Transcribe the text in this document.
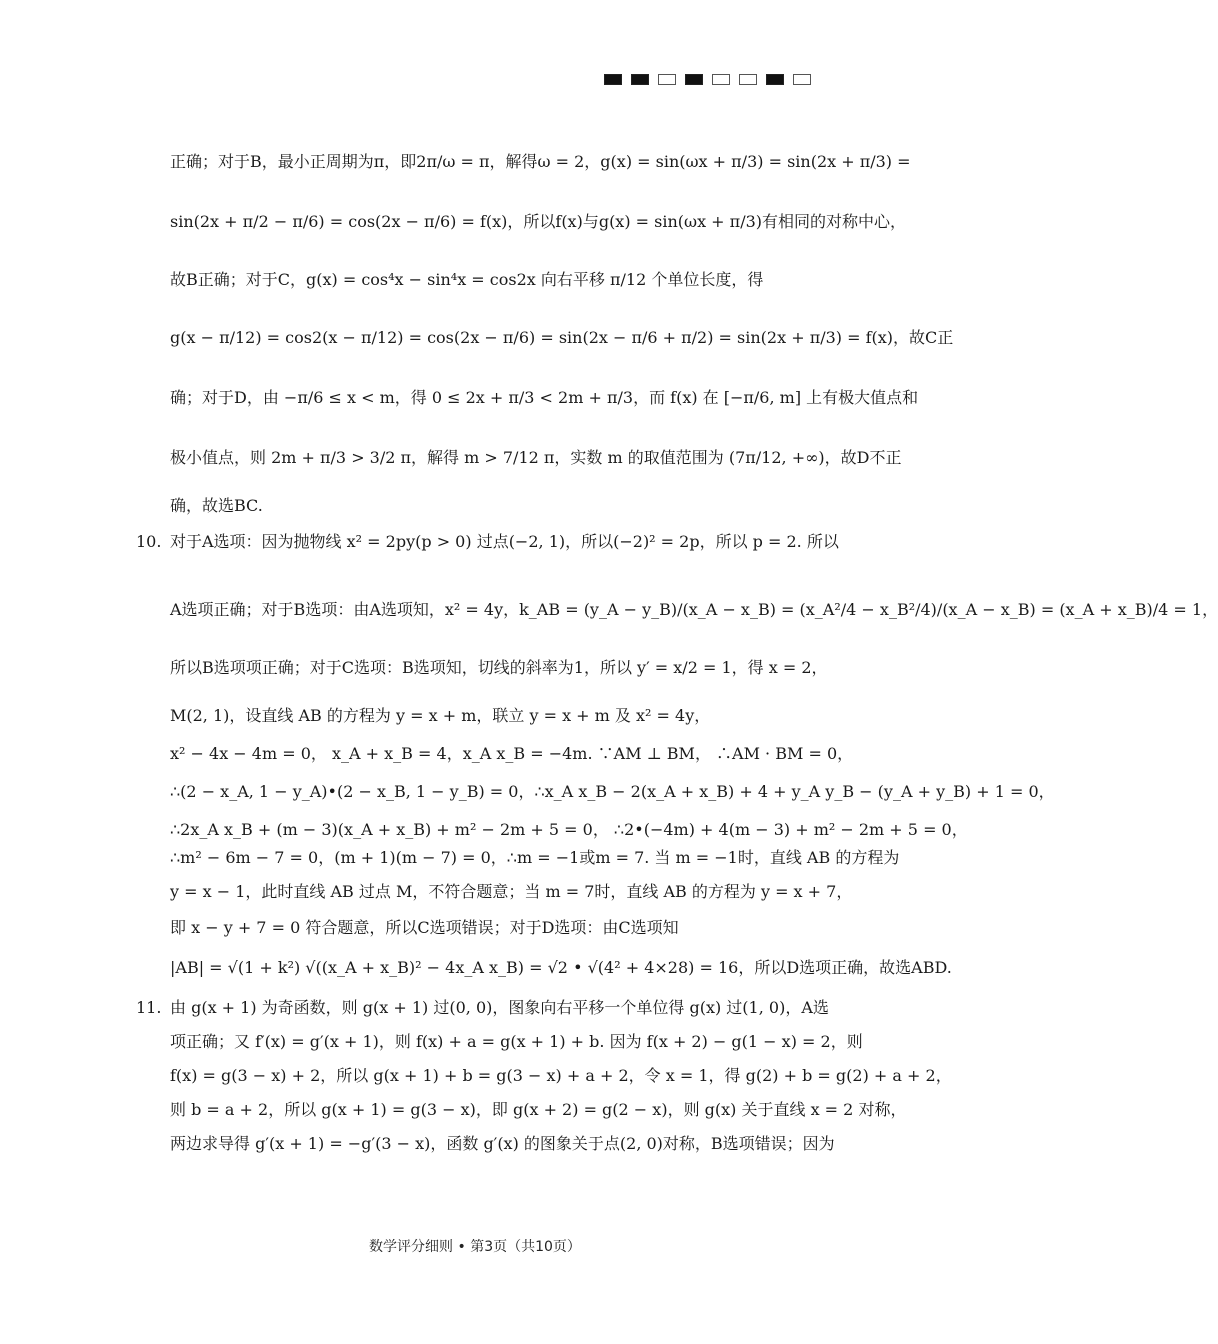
正确；对于B，最小正周期为π，即2π/ω = π，解得ω = 2，g(x) = sin(ωx + π/3) = sin(2x + π/3) =
sin(2x + π/2 − π/6) = cos(2x − π/6) = f(x)，所以f(x)与g(x) = sin(ωx + π/3)有相同的对称中心，
故B正确；对于C，g(x) = cos⁴x − sin⁴x = cos2x 向右平移 π/12 个单位长度，得
g(x − π/12) = cos2(x − π/12) = cos(2x − π/6) = sin(2x − π/6 + π/2) = sin(2x + π/3) = f(x)，故C正
确；对于D，由 −π/6 ≤ x < m，得 0 ≤ 2x + π/3 < 2m + π/3，而 f(x) 在 [−π/6, m] 上有极大值点和
极小值点，则 2m + π/3 > 3/2 π，解得 m > 7/12 π，实数 m 的取值范围为 (7π/12, +∞)，故D不正
确，故选BC.
10. 对于A选项：因为抛物线 x² = 2py(p > 0) 过点(−2, 1)，所以(−2)² = 2p，所以 p = 2. 所以
A选项正确；对于B选项：由A选项知，x² = 4y，k_AB = (y_A − y_B)/(x_A − x_B) = (x_A²/4 − x_B²/4)/(x_A − x_B) = (x_A + x_B)/4 = 1，
所以B选项项正确；对于C选项：B选项知，切线的斜率为1，所以 y′ = x/2 = 1，得 x = 2，
M(2, 1)，设直线 AB 的方程为 y = x + m，联立 y = x + m 及 x² = 4y，
x² − 4x − 4m = 0， x_A + x_B = 4，x_A x_B = −4m. ∵AM ⊥ BM， ∴AM · BM = 0，
∴(2 − x_A, 1 − y_A)•(2 − x_B, 1 − y_B) = 0，∴x_A x_B − 2(x_A + x_B) + 4 + y_A y_B − (y_A + y_B) + 1 = 0，
∴2x_A x_B + (m − 3)(x_A + x_B) + m² − 2m + 5 = 0， ∴2•(−4m) + 4(m − 3) + m² − 2m + 5 = 0，
∴m² − 6m − 7 = 0，(m + 1)(m − 7) = 0，∴m = −1或m = 7. 当 m = −1时，直线 AB 的方程为
y = x − 1，此时直线 AB 过点 M，不符合题意；当 m = 7时，直线 AB 的方程为 y = x + 7，
即 x − y + 7 = 0 符合题意，所以C选项错误；对于D选项：由C选项知
|AB| = √(1 + k²) √((x_A + x_B)² − 4x_A x_B) = √2 • √(4² + 4×28) = 16，所以D选项正确，故选ABD.
11. 由 g(x + 1) 为奇函数，则 g(x + 1) 过(0, 0)，图象向右平移一个单位得 g(x) 过(1, 0)，A选
项正确；又 f′(x) = g′(x + 1)，则 f(x) + a = g(x + 1) + b. 因为 f(x + 2) − g(1 − x) = 2，则
f(x) = g(3 − x) + 2，所以 g(x + 1) + b = g(3 − x) + a + 2，令 x = 1，得 g(2) + b = g(2) + a + 2，
则 b = a + 2，所以 g(x + 1) = g(3 − x)，即 g(x + 2) = g(2 − x)，则 g(x) 关于直线 x = 2 对称，
两边求导得 g′(x + 1) = −g′(3 − x)，函数 g′(x) 的图象关于点(2, 0)对称，B选项错误；因为
数学评分细则 • 第3页（共10页）
